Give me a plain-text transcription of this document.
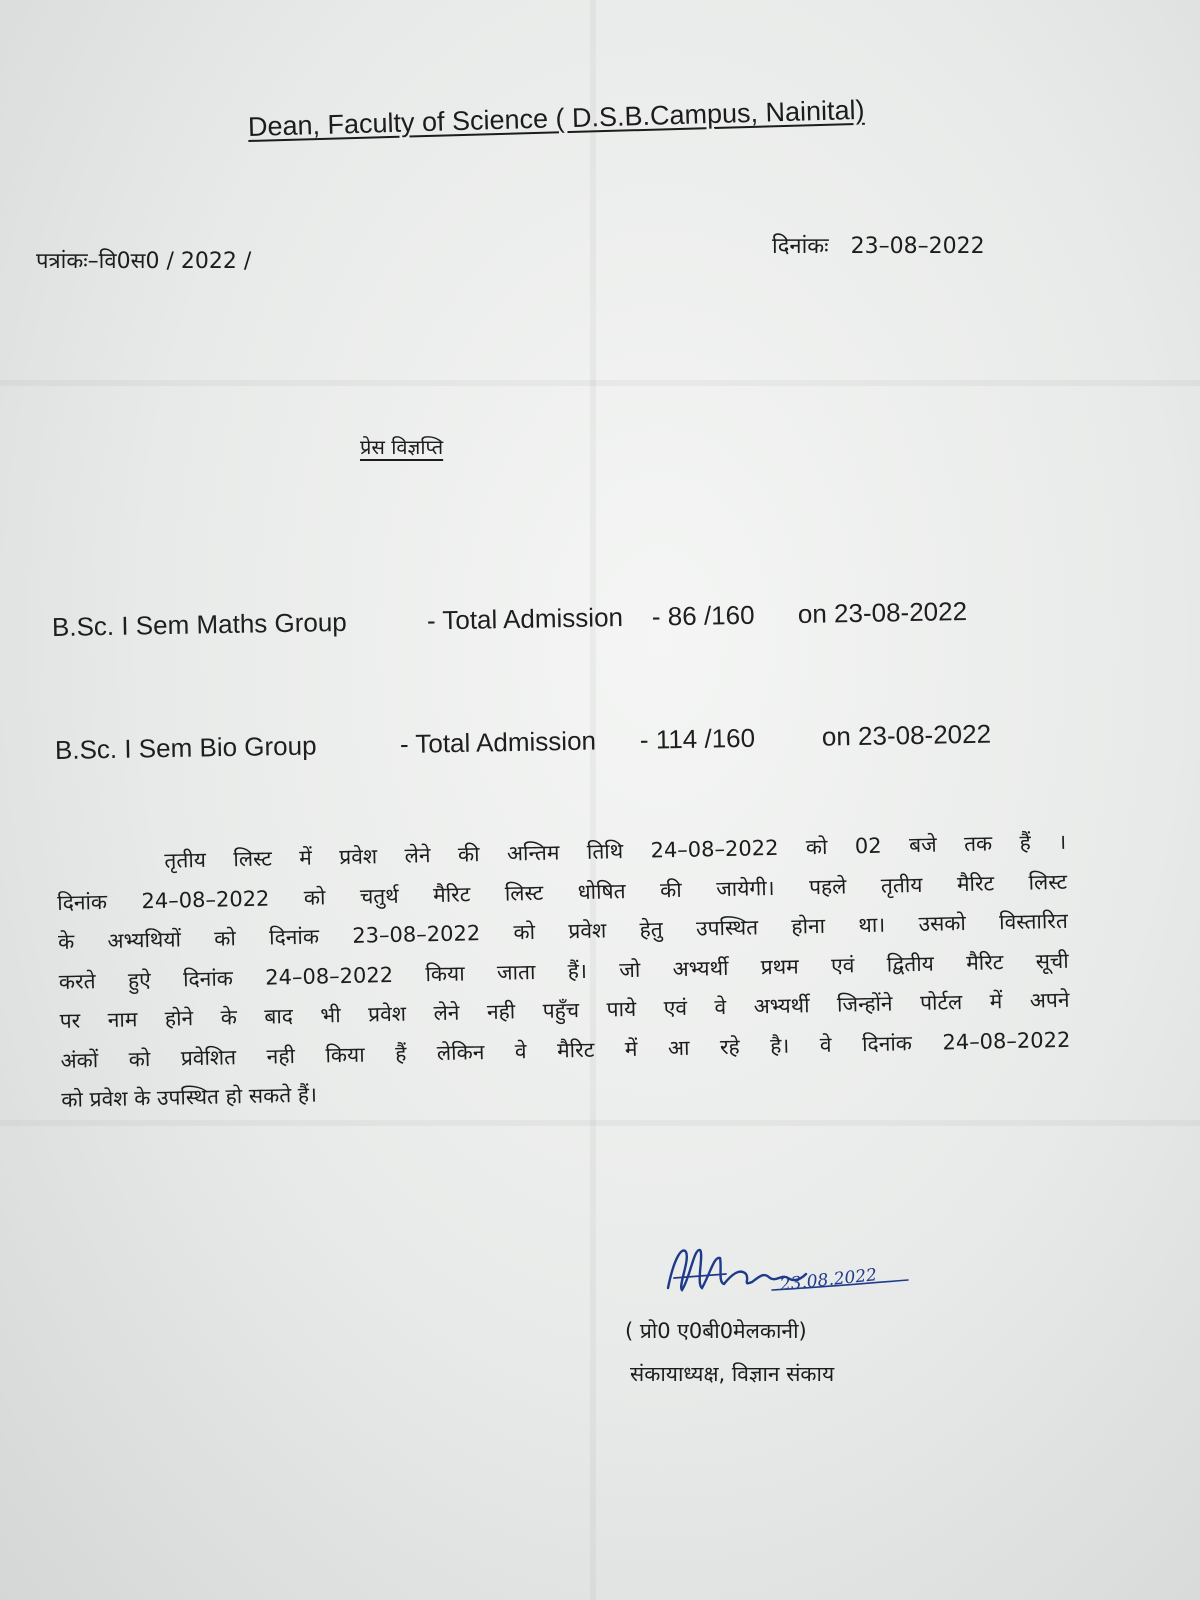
Dean, Faculty of Science ( D.S.B.Campus, Nainital)
पत्रांकः–वि0स0 / 2022 /
दिनांकः 23–08–2022
प्रेस विज्ञप्ति
B.Sc. I Sem Maths Group	- Total Admission - 86 /160 on 23-08-2022
B.Sc. I Sem Bio Group	- Total Admission - 114 /160	on 23-08-2022
तृतीय लिस्ट में प्रवेश लेने की अन्तिम तिथि 24–08–2022 को 02 बजे तक हैं ।
दिनांक 24–08–2022 को चतुर्थ मैरिट लिस्ट धोषित की जायेगी। पहले तृतीय मैरिट लिस्ट
के अभ्यथियों को दिनांक 23–08–2022 को प्रवेश हेतु उपस्थित होना था। उसको विस्तारित
करते हुऐ दिनांक 24–08–2022 किया जाता हैं। जो अभ्यर्थी प्रथम एवं द्वितीय मैरिट सूची
पर नाम होने के बाद भी प्रवेश लेने नही पहुँच पाये एवं वे अभ्यर्थी जिन्होंने पोर्टल में अपने
अंकों को प्रवेशित नही किया हैं लेकिन वे मैरिट में आ रहे है। वे दिनांक 24–08–2022
को प्रवेश के उपस्थित हो सकते हैं।
23.08.2022
( प्रो0 ए0बी0मेलकानी)
संकायाध्यक्ष, विज्ञान संकाय
